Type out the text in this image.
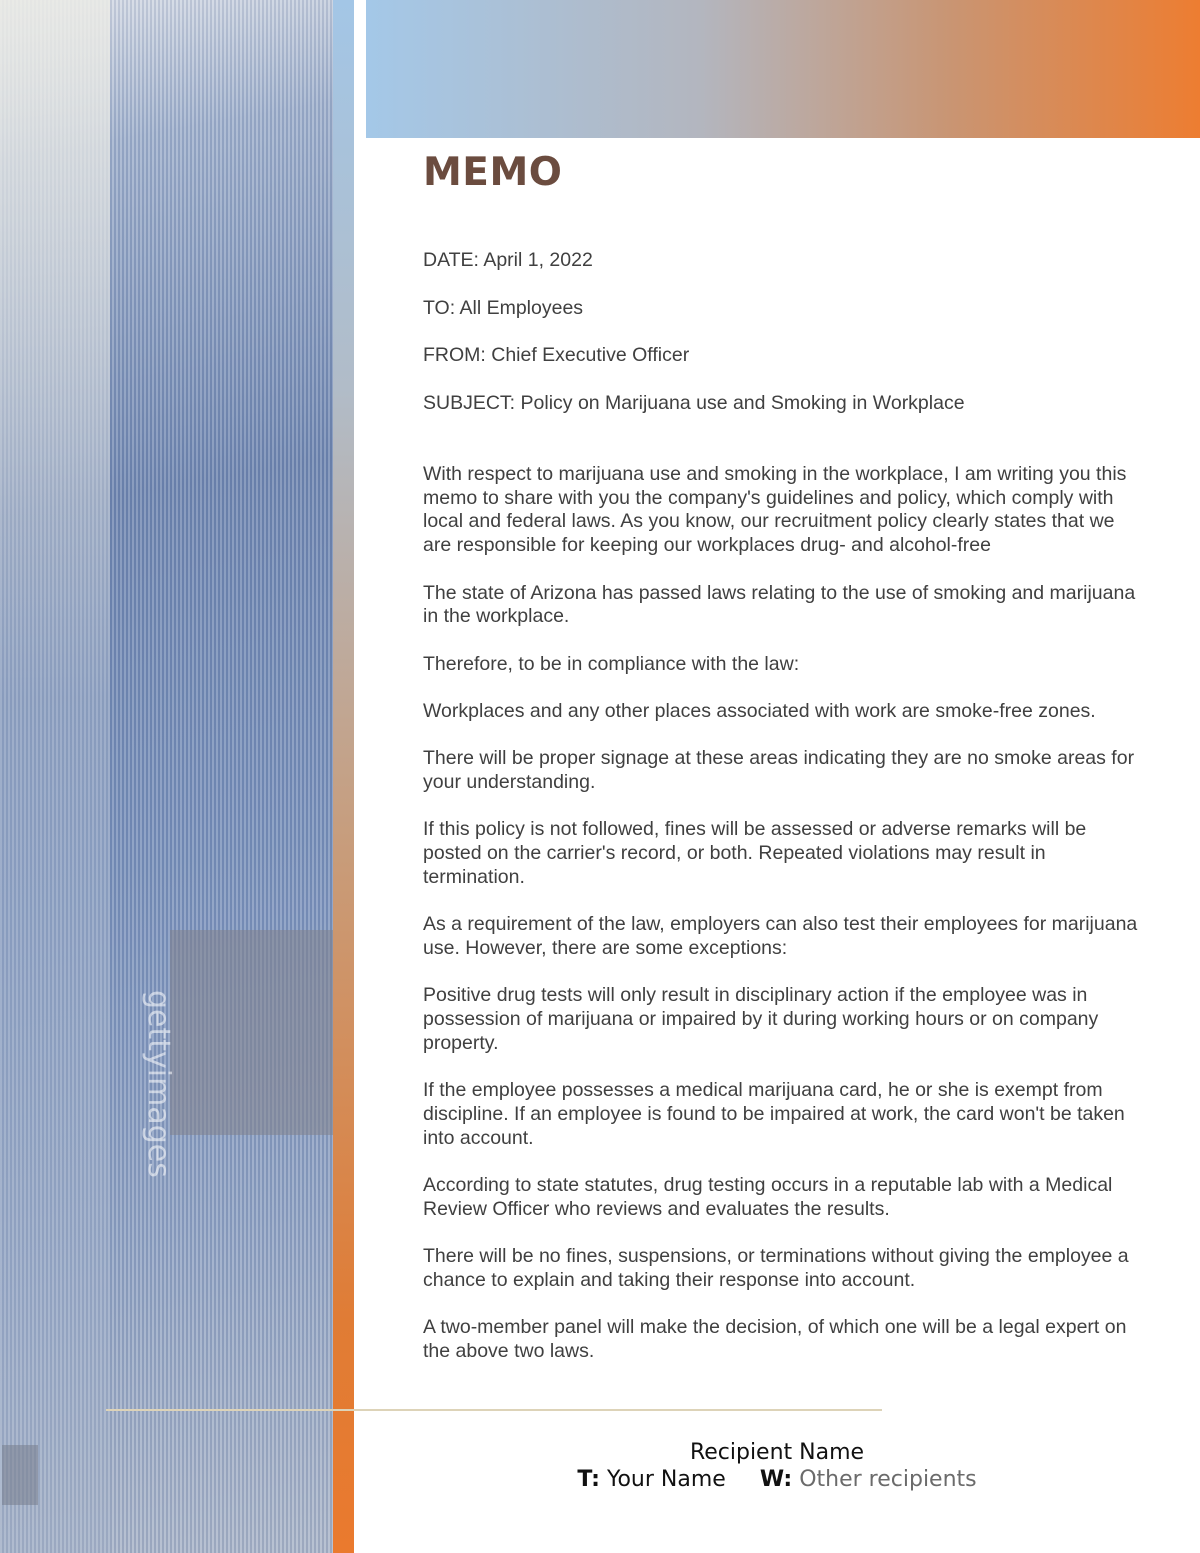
gettyimages
MEMO

DATE: April 1, 2022

TO: All Employees

FROM: Chief Executive Officer

SUBJECT: Policy on Marijuana use and Smoking in Workplace

With respect to marijuana use and smoking in the workplace, I am writing you this memo to share with you the company's guidelines and policy, which comply with local and federal laws. As you know, our recruitment policy clearly states that we are responsible for keeping our workplaces drug- and alcohol-free

The state of Arizona has passed laws relating to the use of smoking and marijuana in the workplace.

Therefore, to be in compliance with the law:

Workplaces and any other places associated with work are smoke-free zones.

There will be proper signage at these areas indicating they are no smoke areas for your understanding.

If this policy is not followed, fines will be assessed or adverse remarks will be posted on the carrier's record, or both. Repeated violations may result in termination.

As a requirement of the law, employers can also test their employees for marijuana use. However, there are some exceptions:

Positive drug tests will only result in disciplinary action if the employee was in possession of marijuana or impaired by it during working hours or on company property.

If the employee possesses a medical marijuana card, he or she is exempt from discipline. If an employee is found to be impaired at work, the card won't be taken into account.

According to state statutes, drug testing occurs in a reputable lab with a Medical Review Officer who reviews and evaluates the results.

There will be no fines, suspensions, or terminations without giving the employee a chance to explain and taking their response into account.

A two-member panel will make the decision, of which one will be a legal expert on the above two laws.

Recipient Name
T: Your Name W: Other recipients
